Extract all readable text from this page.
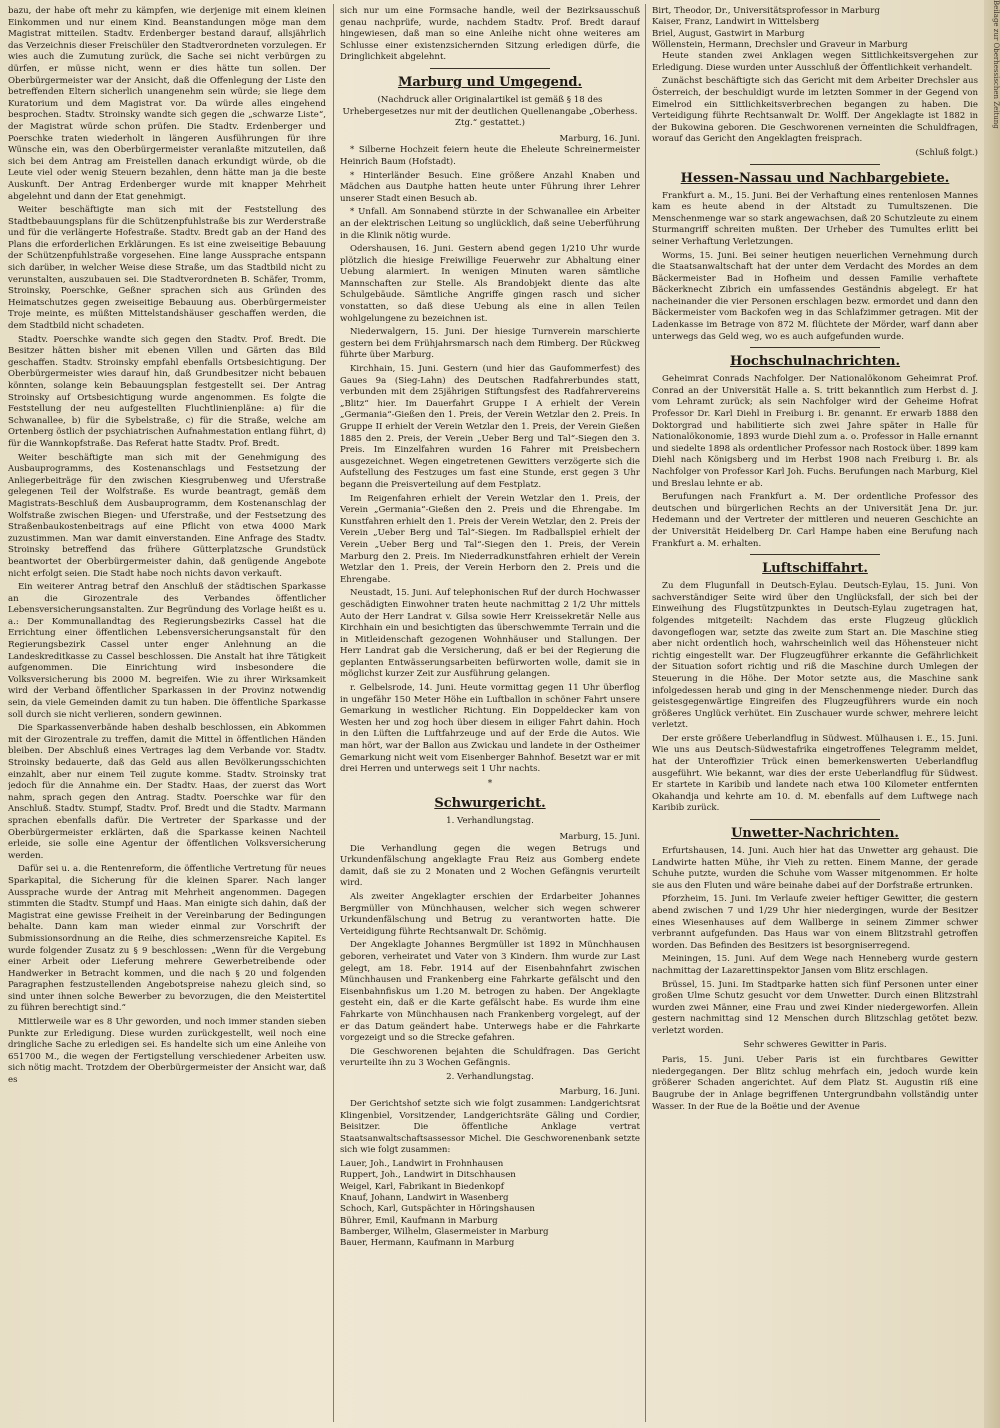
bazu, der habe oft mehr zu kämpfen, wie derjenige mit einem kleinen Einkommen und nur einem Kind. Beanstandungen möge man dem Magistrat mitteilen. Stadtv. Erdenberger bestand darauf, allsjährlich das Verzeichnis dieser Freischüler den Stadtverordneten vorzulegen. Er wies auch die Zumutung zurück, die Sache sei nicht verbürgen zu dürfen, er müsse nicht, wenn er dies hätte tun sollen. Der Oberbürgermeister war der Ansicht, daß die Offenlegung der Liste den betreffenden Eltern sicherlich unangenehm sein würde; sie liege dem Kuratorium und dem Magistrat vor. Da würde alles eingehend besprochen. Stadtv. Stroinsky wandte sich gegen die „schwarze Liste“, der Magistrat würde schon prüfen. Die Stadtv. Erdenberger und Poerschke traten wiederholt in längeren Ausführungen für ihre Wünsche ein, was den Oberbürgermeister veranlaßte mitzuteilen, daß sich bei dem Antrag am Freistellen danach erkundigt würde, ob die Leute viel oder wenig Steuern bezahlen, denn hätte man ja die beste Auskunft. Der Antrag Erdenberger wurde mit knapper Mehrheit abgelehnt und dann der Etat genehmigt.

Weiter beschäftigte man sich mit der Feststellung des Stadtbebauungsplans für die Schützenpfuhlstraße bis zur Werderstraße und für die verlängerte Hofestraße. Stadtv. Bredt gab an der Hand des Plans die erforderlichen Erklärungen. Es ist eine zweiseitige Bebauung der Schützenpfuhlstraße vorgesehen. Eine lange Aussprache entspann sich darüber, in welcher Weise diese Straße, um das Stadtbild nicht zu verunstalten, auszubauen sei. Die Stadtverordneten B. Schäfer, Tromm, Stroinsky, Poerschke, Geßner sprachen sich aus Gründen des Heimatschutzes gegen zweiseitige Bebauung aus. Oberbürgermeister Troje meinte, es müßten Mittelstandshäuser geschaffen werden, die dem Stadtbild nicht schadeten.

Stadtv. Poerschke wandte sich gegen den Stadtv. Prof. Bredt. Die Besitzer hätten bisher mit ebenen Villen und Gärten das Bild geschaffen. Stadtv. Stroinsky empfahl ebenfalls Ortsbesichtigung. Der Oberbürgermeister wies darauf hin, daß Grundbesitzer nicht bebauen könnten, solange kein Bebauungsplan festgestellt sei. Der Antrag Stroinsky auf Ortsbesichtigung wurde angenommen. Es folgte die Feststellung der neu aufgestellten Fluchtlinienpläne: a) für die Schwanallee, b) für die Sybelstraße, c) für die Straße, welche am Ortenberg östlich der psychiatrischen Aufnahmestation entlang führt, d) für die Wannkopfstraße. Das Referat hatte Stadtv. Prof. Bredt.

Weiter beschäftigte man sich mit der Genehmigung des Ausbauprogramms, des Kostenanschlags und Festsetzung der Anliegerbeiträge für den zwischen Kiesgrubenweg und Uferstraße gelegenen Teil der Wolfstraße. Es wurde beantragt, gemäß dem Magistrats-Beschluß dem Ausbauprogramm, dem Kostenanschlag der Wolfstraße zwischen Biegen- und Uferstraße, und der Festsetzung des Straßenbaukostenbeitrags auf eine Pflicht von etwa 4000 Mark zuzustimmen. Man war damit einverstanden. Eine Anfrage des Stadtv. Stroinsky betreffend das frühere Gütterplatzsche Grundstück beantwortet der Oberbürgermeister dahin, daß genügende Angebote nicht erfolgt seien. Die Stadt habe noch nichts davon verkauft.

Ein weiterer Antrag betraf den Anschluß der städtischen Sparkasse an die Girozentrale des Verbandes öffentlicher Lebensversicherungsanstalten. Zur Begründung des Vorlage heißt es u. a.: Der Kommunallandtag des Regierungsbezirks Cassel hat die Errichtung einer öffentlichen Lebensversicherungsanstalt für den Regierungsbezirk Cassel unter enger Anlehnung an die Landeskreditkasse zu Cassel beschlossen. Die Anstalt hat ihre Tätigkeit aufgenommen. Die Einrichtung wird insbesondere die Volksversicherung bis 2000 M. begreifen. Wie zu ihrer Wirksamkeit wird der Verband öffentlicher Sparkassen in der Provinz notwendig sein, da viele Gemeinden damit zu tun haben. Die öffentliche Sparkasse soll durch sie nicht verlieren, sondern gewinnen.

Die Sparkassenverbände haben deshalb beschlossen, ein Abkommen mit der Girozentrale zu treffen, damit die Mittel in öffentlichen Händen bleiben. Der Abschluß eines Vertrages lag dem Verbande vor. Stadtv. Stroinsky bedauerte, daß das Geld aus allen Bevölkerungsschichten einzahlt, aber nur einem Teil zugute komme. Stadtv. Stroinsky trat jedoch für die Annahme ein. Der Stadtv. Haas, der zuerst das Wort nahm, sprach gegen den Antrag. Stadtv. Poerschke war für den Anschluß. Stadtv. Stumpf, Stadtv. Prof. Bredt und die Stadtv. Marmann sprachen ebenfalls dafür. Die Vertreter der Sparkasse und der Oberbürgermeister erklärten, daß die Sparkasse keinen Nachteil erleide, sie solle eine Agentur der öffentlichen Volksversicherung werden.

Dafür sei u. a. die Rentenreform, die öffentliche Vertretung für neues Sparkapital, die Sicherung für die kleinen Sparer. Nach langer Aussprache wurde der Antrag mit Mehrheit angenommen. Dagegen stimmten die Stadtv. Stumpf und Haas. Man einigte sich dahin, daß der Magistrat eine gewisse Freiheit in der Vereinbarung der Bedingungen behalte. Dann kam man wieder einmal zur Vorschrift der Submissionsordnung an die Reihe, dies schmerzensreiche Kapitel. Es wurde folgender Zusatz zu § 9 beschlossen: „Wenn für die Vergebung einer Arbeit oder Lieferung mehrere Gewerbetreibende oder Handwerker in Betracht kommen, und die nach § 20 und folgenden Paragraphen festzustellenden Angebotspreise nahezu gleich sind, so sind unter ihnen solche Bewerber zu bevorzugen, die den Meistertitel zu führen berechtigt sind.“

Mittlerweile war es 8 Uhr geworden, und noch immer standen sieben Punkte zur Erledigung. Diese wurden zurückgestellt, weil noch eine dringliche Sache zu erledigen sei. Es handelte sich um eine Anleihe von 651700 M., die wegen der Fertigstellung verschiedener Arbeiten usw. sich nötig macht. Trotzdem der Oberbürgermeister der Ansicht war, daß es

sich nur um eine Formsache handle, weil der Bezirksausschuß genau nachprüfe, wurde, nachdem Stadtv. Prof. Bredt darauf hingewiesen, daß man so eine Anleihe nicht ohne weiteres am Schlusse einer existenzsichernden Sitzung erledigen dürfe, die Dringlichkeit abgelehnt.

Marburg und Umgegend.
(Nachdruck aller Originalartikel ist gemäß § 18 des Urhebergesetzes nur mit der deutlichen Quellenangabe „Oberhess. Ztg.“ gestattet.)
Marburg, 16. Juni.

* Silberne Hochzeit feiern heute die Eheleute Schreinermeister Heinrich Baum (Hofstadt).

* Hinterländer Besuch. Eine größere Anzahl Knaben und Mädchen aus Dautphe hatten heute unter Führung ihrer Lehrer unserer Stadt einen Besuch ab.

* Unfall. Am Sonnabend stürzte in der Schwanallee ein Arbeiter an der elektrischen Leitung so unglücklich, daß seine Ueberführung in die Klinik nötig wurde.

Odershausen, 16. Juni. Gestern abend gegen 1/210 Uhr wurde plötzlich die hiesige Freiwillige Feuerwehr zur Abhaltung einer Uebung alarmiert. In wenigen Minuten waren sämtliche Mannschaften zur Stelle. Als Brandobjekt diente das alte Schulgebäude. Sämtliche Angriffe gingen rasch und sicher vonstatten, so daß diese Uebung als eine in allen Teilen wohlgelungene zu bezeichnen ist.

Niederwalgern, 15. Juni. Der hiesige Turnverein marschierte gestern bei dem Frühjahrsmarsch nach dem Rimberg. Der Rückweg führte über Marburg.

Kirchhain, 15. Juni. Gestern (und hier das Gaufommerfest) des Gaues 9a (Sieg-Lahn) des Deutschen Radfahrerbundes statt, verbunden mit dem 25jährigen Stiftungsfest des Radfahrervereins „Blitz“ hier. Im Dauerfahrt Gruppe I A erhielt der Verein „Germania“-Gießen den 1. Preis, der Verein Wetzlar den 2. Preis. In Gruppe II erhielt der Verein Wetzlar den 1. Preis, der Verein Gießen 1885 den 2. Preis, der Verein „Ueber Berg und Tal“-Siegen den 3. Preis. Im Einzelfahren wurden 16 Fahrer mit Preisbechern ausgezeichnet. Wegen eingetretenen Gewitters verzögerte sich die Aufstellung des Festzuges um fast eine Stunde, erst gegen 3 Uhr begann die Preisverteilung auf dem Festplatz.

Im Reigenfahren erhielt der Verein Wetzlar den 1. Preis, der Verein „Germania“-Gießen den 2. Preis und die Ehrengabe. Im Kunstfahren erhielt den 1. Preis der Verein Wetzlar, den 2. Preis der Verein „Ueber Berg und Tal“-Siegen. Im Radballspiel erhielt der Verein „Ueber Berg und Tal“-Siegen den 1. Preis, der Verein Marburg den 2. Preis. Im Niederradkunstfahren erhielt der Verein Wetzlar den 1. Preis, der Verein Herborn den 2. Preis und die Ehrengabe.

Neustadt, 15. Juni. Auf telephonischen Ruf der durch Hochwasser geschädigten Einwohner traten heute nachmittag 2 1/2 Uhr mittels Auto der Herr Landrat v. Gilsa sowie Herr Kreissekretär Nelle aus Kirchhain ein und besichtigten das überschwemmte Terrain und die in Mitleidenschaft gezogenen Wohnhäuser und Stallungen. Der Herr Landrat gab die Versicherung, daß er bei der Regierung die geplanten Entwässerungsarbeiten befürworten wolle, damit sie in möglichst kurzer Zeit zur Ausführung gelangen.

r. Gelbelsrode, 14. Juni. Heute vormittag gegen 11 Uhr überflog in ungefähr 150 Meter Höhe ein Luftballon in schöner Fahrt unsere Gemarkung in westlicher Richtung. Ein Doppeldecker kam von Westen her und zog hoch über diesem in eiliger Fahrt dahin. Hoch in den Lüften die Luftfahrzeuge und auf der Erde die Autos. Wie man hört, war der Ballon aus Zwickau und landete in der Ostheimer Gemarkung nicht weit vom Eisenberger Bahnhof. Besetzt war er mit drei Herren und unterwegs seit 1 Uhr nachts.

*
Schwurgericht.
1. Verhandlungstag.
Marburg, 15. Juni.

Die Verhandlung gegen die wegen Betrugs und Urkundenfälschung angeklagte Frau Reiz aus Gomberg endete damit, daß sie zu 2 Monaten und 2 Wochen Gefängnis verurteilt wird.

Als zweiter Angeklagter erschien der Erdarbeiter Johannes Bergmüller von Münchhausen, welcher sich wegen schwerer Urkundenfälschung und Betrug zu verantworten hatte. Die Verteidigung führte Rechtsanwalt Dr. Schömig.

Der Angeklagte Johannes Bergmüller ist 1892 in Münchhausen geboren, verheiratet und Vater von 3 Kindern. Ihm wurde zur Last gelegt, am 18. Febr. 1914 auf der Eisenbahnfahrt zwischen Münchhausen und Frankenberg eine Fahrkarte gefälscht und den Eisenbahnfiskus um 1.20 M. betrogen zu haben. Der Angeklagte gesteht ein, daß er die Karte gefälscht habe. Es wurde ihm eine Fahrkarte von Münchhausen nach Frankenberg vorgelegt, auf der er das Datum geändert habe. Unterwegs habe er die Fahrkarte vorgezeigt und so die Strecke gefahren.

Die Geschworenen bejahten die Schuldfragen. Das Gericht verurteilte ihn zu 3 Wochen Gefängnis.

2. Verhandlungstag.
Marburg, 16. Juni.

Der Gerichtshof setzte sich wie folgt zusammen: Landgerichtsrat Klingenbiel, Vorsitzender, Landgerichtsräte Gäling und Cordier, Beisitzer. Die öffentliche Anklage vertrat Staatsanwaltschaftsassessor Michel. Die Geschworenenbank setzte sich wie folgt zusammen:

Lauer, Joh., Landwirt in Frohnhausen
Ruppert, Joh., Landwirt in Ditschhausen
Weigel, Karl, Fabrikant in Biedenkopf
Knauf, Johann, Landwirt in Wasenberg
Schoch, Karl, Gutspächter in Höringshausen
Bührer, Emil, Kaufmann in Marburg
Bamberger, Wilhelm, Glasermeister in Marburg
Bauer, Hermann, Kaufmann in Marburg
Birt, Theodor, Dr., Universitätsprofessor in Marburg
Kaiser, Franz, Landwirt in Wittelsberg
Briel, August, Gastwirt in Marburg
Wöllenstein, Hermann, Drechsler und Graveur in Marburg

Heute standen zwei Anklagen wegen Sittlichkeitsvergehen zur Erledigung. Diese wurden unter Ausschluß der Öffentlichkeit verhandelt.

Zunächst beschäftigte sich das Gericht mit dem Arbeiter Drechsler aus Österreich, der beschuldigt wurde im letzten Sommer in der Gegend von Eimelrod ein Sittlichkeitsverbrechen begangen zu haben. Die Verteidigung führte Rechtsanwalt Dr. Wolff. Der Angeklagte ist 1882 in der Bukowina geboren. Die Geschworenen verneinten die Schuldfragen, worauf das Gericht den Angeklagten freisprach.

(Schluß folgt.)
Hessen-Nassau und Nachbargebiete.

Frankfurt a. M., 15. Juni. Bei der Verhaftung eines rentenlosen Mannes kam es heute abend in der Altstadt zu Tumultszenen. Die Menschenmenge war so stark angewachsen, daß 20 Schutzleute zu einem Sturmangriff schreiten mußten. Der Urheber des Tumultes erlitt bei seiner Verhaftung Verletzungen.

Worms, 15. Juni. Bei seiner heutigen neuerlichen Vernehmung durch die Staatsanwaltschaft hat der unter dem Verdacht des Mordes an dem Bäckermeister Bad in Hofheim und dessen Familie verhaftete Bäckerknecht Zibrich ein umfassendes Geständnis abgelegt. Er hat nacheinander die vier Personen erschlagen bezw. ermordet und dann den Bäckermeister vom Backofen weg in das Schlafzimmer getragen. Mit der Ladenkasse im Betrage von 872 M. flüchtete der Mörder, warf dann aber unterwegs das Geld weg, wo es auch aufgefunden wurde.

Hochschulnachrichten.

Geheimrat Conrads Nachfolger. Der Nationalökonom Geheimrat Prof. Conrad an der Universität Halle a. S. tritt bekanntlich zum Herbst d. J. vom Lehramt zurück; als sein Nachfolger wird der Geheime Hofrat Professor Dr. Karl Diehl in Freiburg i. Br. genannt. Er erwarb 1888 den Doktorgrad und habilitierte sich zwei Jahre später in Halle für Nationalökonomie, 1893 wurde Diehl zum a. o. Professor in Halle ernannt und siedelte 1898 als ordentlicher Professor nach Rostock über. 1899 kam Diehl nach Königsberg und im Herbst 1908 nach Freiburg i. Br. als Nachfolger von Professor Karl Joh. Fuchs. Berufungen nach Marburg, Kiel und Breslau lehnte er ab.

Berufungen nach Frankfurt a. M. Der ordentliche Professor des deutschen und bürgerlichen Rechts an der Universität Jena Dr. jur. Hedemann und der Vertreter der mittleren und neueren Geschichte an der Universität Heidelberg Dr. Carl Hampe haben eine Berufung nach Frankfurt a. M. erhalten.

Luftschiffahrt.

Zu dem Flugunfall in Deutsch-Eylau. Deutsch-Eylau, 15. Juni. Von sachverständiger Seite wird über den Unglücksfall, der sich bei der Einweihung des Flugstützpunktes in Deutsch-Eylau zugetragen hat, folgendes mitgeteilt: Nachdem das erste Flugzeug glücklich davongeflogen war, setzte das zweite zum Start an. Die Maschine stieg aber nicht ordentlich hoch, wahrscheinlich weil das Höhensteuer nicht richtig eingestellt war. Der Flugzeugführer erkannte die Gefährlichkeit der Situation sofort richtig und riß die Maschine durch Umlegen der Steuerung in die Höhe. Der Motor setzte aus, die Maschine sank infolgedessen herab und ging in der Menschenmenge nieder. Durch das geistesgegenwärtige Eingreifen des Flugzeugführers wurde ein noch größeres Unglück verhütet. Ein Zuschauer wurde schwer, mehrere leicht verletzt.

Der erste größere Ueberlandflug in Südwest. Mülhausen i. E., 15. Juni. Wie uns aus Deutsch-Südwestafrika eingetroffenes Telegramm meldet, hat der Unteroffizier Trück einen bemerkenswerten Ueberlandflug ausgeführt. Wie bekannt, war dies der erste Ueberlandflug für Südwest. Er startete in Karibib und landete nach etwa 100 Kilometer entfernten Okahandja und kehrte am 10. d. M. ebenfalls auf dem Luftwege nach Karibib zurück.

Unwetter-Nachrichten.

Erfurtshausen, 14. Juni. Auch hier hat das Unwetter arg gehaust. Die Landwirte hatten Mühe, ihr Vieh zu retten. Einem Manne, der gerade Schuhe putzte, wurden die Schuhe vom Wasser mitgenommen. Er holte sie aus den Fluten und wäre beinahe dabei auf der Dorfstraße ertrunken.

Pforzheim, 15. Juni. Im Verlaufe zweier heftiger Gewitter, die gestern abend zwischen 7 und 1/29 Uhr hier niedergingen, wurde der Besitzer eines Wiesenhauses auf dem Wallberge in seinem Zimmer schwer verbrannt aufgefunden. Das Haus war von einem Blitzstrahl getroffen worden. Das Befinden des Besitzers ist besorgniserregend.

Meiningen, 15. Juni. Auf dem Wege nach Henneberg wurde gestern nachmittag der Lazarettinspektor Jansen vom Blitz erschlagen.

Brüssel, 15. Juni. Im Stadtparke hatten sich fünf Personen unter einer großen Ulme Schutz gesucht vor dem Unwetter. Durch einen Blitzstrahl wurden zwei Männer, eine Frau und zwei Kinder niedergeworfen. Allein gestern nachmittag sind 12 Menschen durch Blitzschlag getötet bezw. verletzt worden.

Sehr schweres Gewitter in Paris.

Paris, 15. Juni. Ueber Paris ist ein furchtbares Gewitter niedergegangen. Der Blitz schlug mehrfach ein, jedoch wurde kein größerer Schaden angerichtet. Auf dem Platz St. Augustin riß eine Baugrube der in Anlage begriffenen Untergrundbahn vollständig unter Wasser. In der Rue de la Boëtie und der Avenue

Beilage zur Oberhessischen Zeitung
